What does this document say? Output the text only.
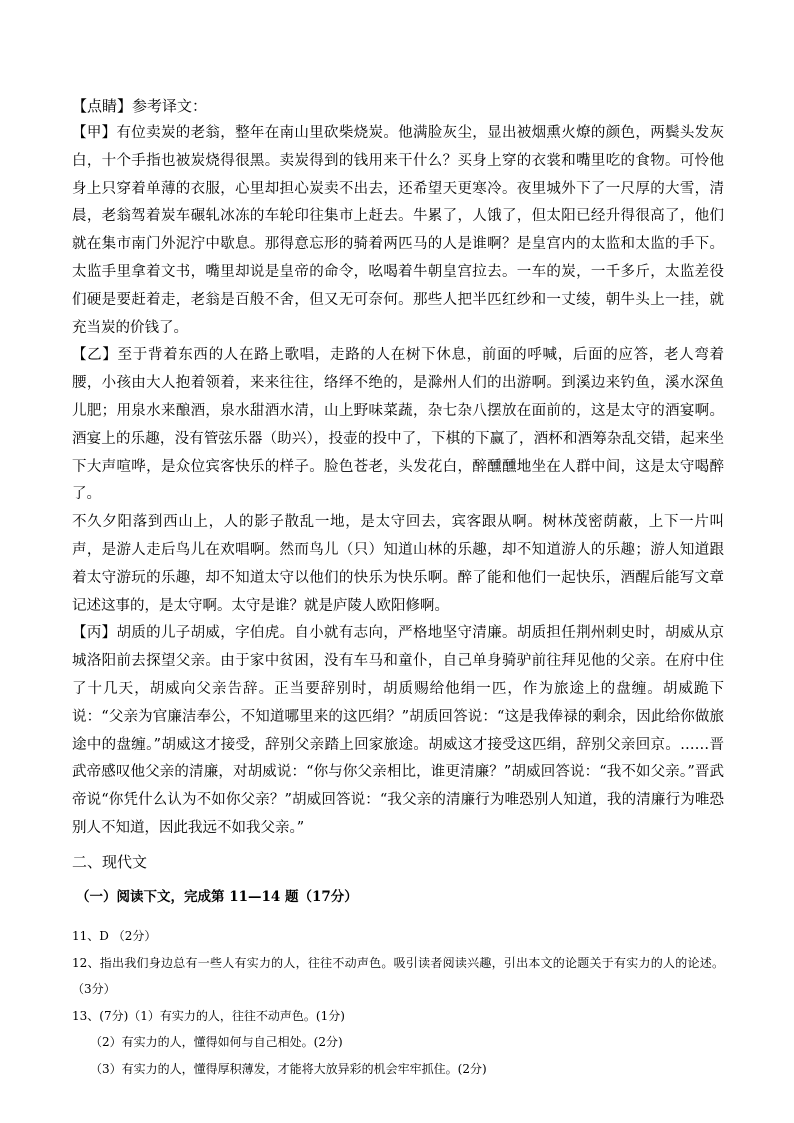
【点睛】参考译文：

【甲】有位卖炭的老翁，整年在南山里砍柴烧炭。他满脸灰尘，显出被烟熏火燎的颜色，两鬓头发灰白，十个手指也被炭烧得很黑。卖炭得到的钱用来干什么？买身上穿的衣裳和嘴里吃的食物。可怜他身上只穿着单薄的衣服，心里却担心炭卖不出去，还希望天更寒冷。夜里城外下了一尺厚的大雪，清晨，老翁驾着炭车碾轧冰冻的车轮印往集市上赶去。牛累了，人饿了，但太阳已经升得很高了，他们就在集市南门外泥泞中歇息。那得意忘形的骑着两匹马的人是谁啊？是皇宫内的太监和太监的手下。太监手里拿着文书，嘴里却说是皇帝的命令，吆喝着牛朝皇宫拉去。一车的炭，一千多斤，太监差役们硬是要赶着走，老翁是百般不舍，但又无可奈何。那些人把半匹红纱和一丈绫，朝牛头上一挂，就充当炭的价钱了。

【乙】至于背着东西的人在路上歌唱，走路的人在树下休息，前面的呼喊，后面的应答，老人弯着腰，小孩由大人抱着领着，来来往往，络绎不绝的，是滁州人们的出游啊。到溪边来钓鱼，溪水深鱼儿肥；用泉水来酿酒，泉水甜酒水清，山上野味菜蔬，杂七杂八摆放在面前的，这是太守的酒宴啊。酒宴上的乐趣，没有管弦乐器（助兴），投壶的投中了，下棋的下赢了，酒杯和酒筹杂乱交错，起来坐下大声喧哗，是众位宾客快乐的样子。脸色苍老，头发花白，醉醺醺地坐在人群中间，这是太守喝醉了。

不久夕阳落到西山上，人的影子散乱一地，是太守回去，宾客跟从啊。树林茂密荫蔽，上下一片叫声，是游人走后鸟儿在欢唱啊。然而鸟儿（只）知道山林的乐趣，却不知道游人的乐趣；游人知道跟着太守游玩的乐趣，却不知道太守以他们的快乐为快乐啊。醉了能和他们一起快乐，酒醒后能写文章记述这事的，是太守啊。太守是谁？就是庐陵人欧阳修啊。

【丙】胡质的儿子胡威，字伯虎。自小就有志向，严格地坚守清廉。胡质担任荆州刺史时，胡威从京城洛阳前去探望父亲。由于家中贫困，没有车马和童仆，自己单身骑驴前往拜见他的父亲。在府中住了十几天，胡威向父亲告辞。正当要辞别时，胡质赐给他绢一匹，作为旅途上的盘缠。胡威跪下说：“父亲为官廉洁奉公，不知道哪里来的这匹绢？”胡质回答说：“这是我俸禄的剩余，因此给你做旅途中的盘缠。”胡威这才接受，辞别父亲踏上回家旅途。胡威这才接受这匹绢，辞别父亲回京。……晋武帝感叹他父亲的清廉，对胡威说：“你与你父亲相比，谁更清廉？”胡威回答说：“我不如父亲。”晋武帝说“你凭什么认为不如你父亲？”胡威回答说：“我父亲的清廉行为唯恐别人知道，我的清廉行为唯恐别人不知道，因此我远不如我父亲。”

二、现代文

（一）阅读下文，完成第 11—14 题（17分）

11、D （2分）

12、指出我们身边总有一些人有实力的人，往往不动声色。吸引读者阅读兴趣，引出本文的论题关于有实力的人的论述。（3分）

13、(7分)（1）有实力的人，往往不动声色。(1分)

（2）有实力的人，懂得如何与自己相处。(2分)

（3）有实力的人，懂得厚积薄发，才能将大放异彩的机会牢牢抓住。(2分)
